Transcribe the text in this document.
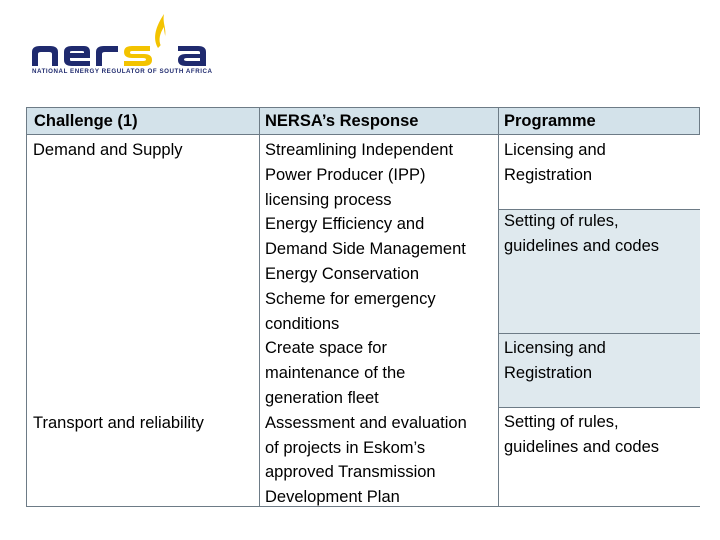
NATIONAL ENERGY REGULATOR OF SOUTH AFRICA
Challenge (1)	NERSA’s Response	Programme
Demand and Supply
Transport and reliability
Streamlining Independent
Power Producer (IPP)
licensing process
Energy Efficiency and
Demand Side Management
Energy Conservation
Scheme for emergency
conditions
Create space for
maintenance of the
generation fleet
Assessment and evaluation
of projects in Eskom’s
approved Transmission
Development Plan
Licensing and
Registration
Setting of rules,
guidelines and codes
Licensing and
Registration
Setting of rules,
guidelines and codes
